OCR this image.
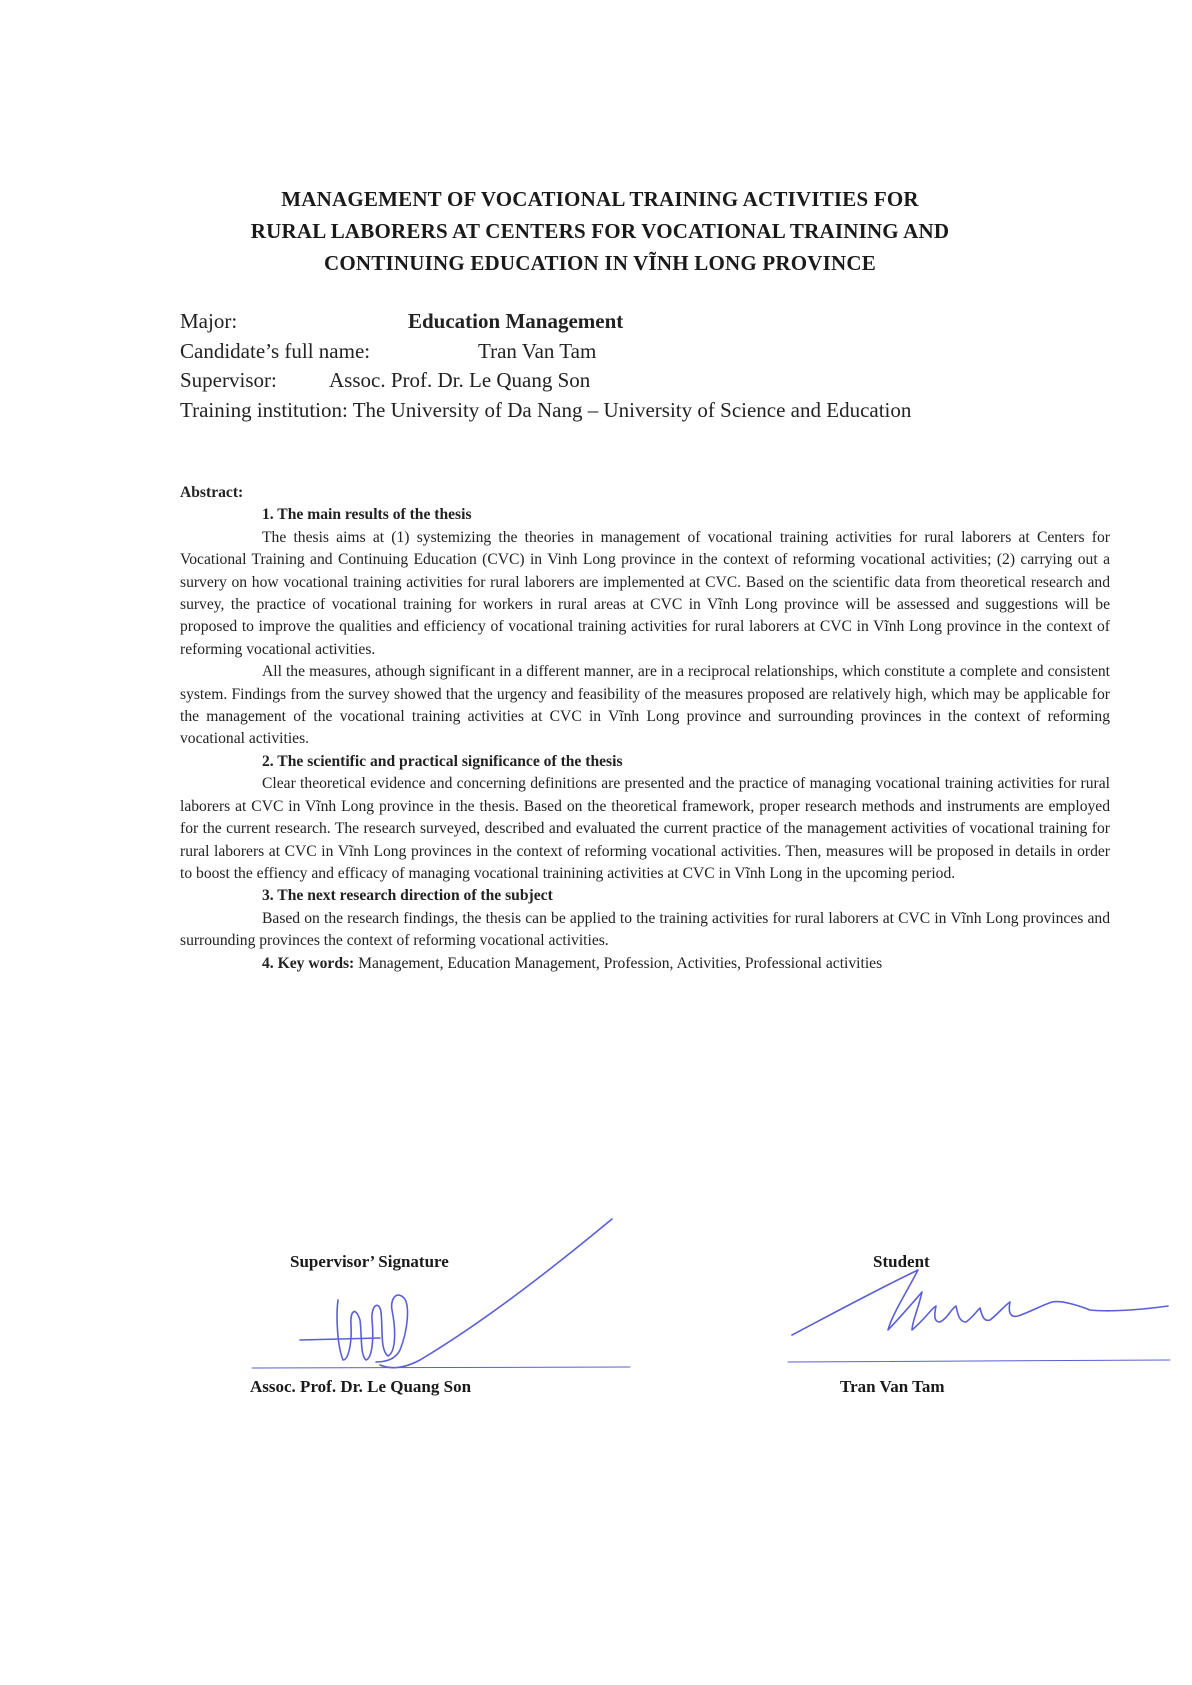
MANAGEMENT OF VOCATIONAL TRAINING ACTIVITIES FOR
RURAL LABORERS AT CENTERS FOR VOCATIONAL TRAINING AND
CONTINUING EDUCATION IN VĨNH LONG PROVINCE
Major:	Education Management
Candidate’s full name:	Tran Van Tam
Supervisor: Assoc. Prof. Dr. Le Quang Son
Training institution: The University of Da Nang – University of Science and Education
Abstract:
1. The main results of the thesis

The thesis aims at (1) systemizing the theories in management of vocational training activities for rural laborers at Centers for Vocational Training and Continuing Education (CVC) in Vinh Long province in the context of reforming vocational activities; (2) carrying out a survery on how vocational training activities for rural laborers are implemented at CVC. Based on the scientific data from theoretical research and survey, the practice of vocational training for workers in rural areas at CVC in Vĩnh Long province will be assessed and suggestions will be proposed to improve the qualities and efficiency of vocational training activities for rural laborers at CVC in Vĩnh Long province in the context of reforming vocational activities.

All the measures, athough significant in a different manner, are in a reciprocal relationships, which constitute a complete and consistent system. Findings from the survey showed that the urgency and feasibility of the measures proposed are relatively high, which may be applicable for the management of the vocational training activities at CVC in Vĩnh Long province and surrounding provinces in the context of reforming vocational activities.

2. The scientific and practical significance of the thesis

Clear theoretical evidence and concerning definitions are presented and the practice of managing vocational training activities for rural laborers at CVC in Vĩnh Long province in the thesis. Based on the theoretical framework, proper research methods and instruments are employed for the current research. The research surveyed, described and evaluated the current practice of the management activities of vocational training for rural laborers at CVC in Vĩnh Long provinces in the context of reforming vocational activities. Then, measures will be proposed in details in order to boost the effiency and efficacy of managing vocational trainining activities at CVC in Vĩnh Long in the upcoming period.

3. The next research direction of the subject

Based on the research findings, the thesis can be applied to the training activities for rural laborers at CVC in Vĩnh Long provinces and surrounding provinces the context of reforming vocational activities.

4. Key words: Management, Education Management, Profession, Activities, Professional activities

Supervisor’ Signature
Assoc. Prof. Dr. Le Quang Son
Student
Tran Van Tam
